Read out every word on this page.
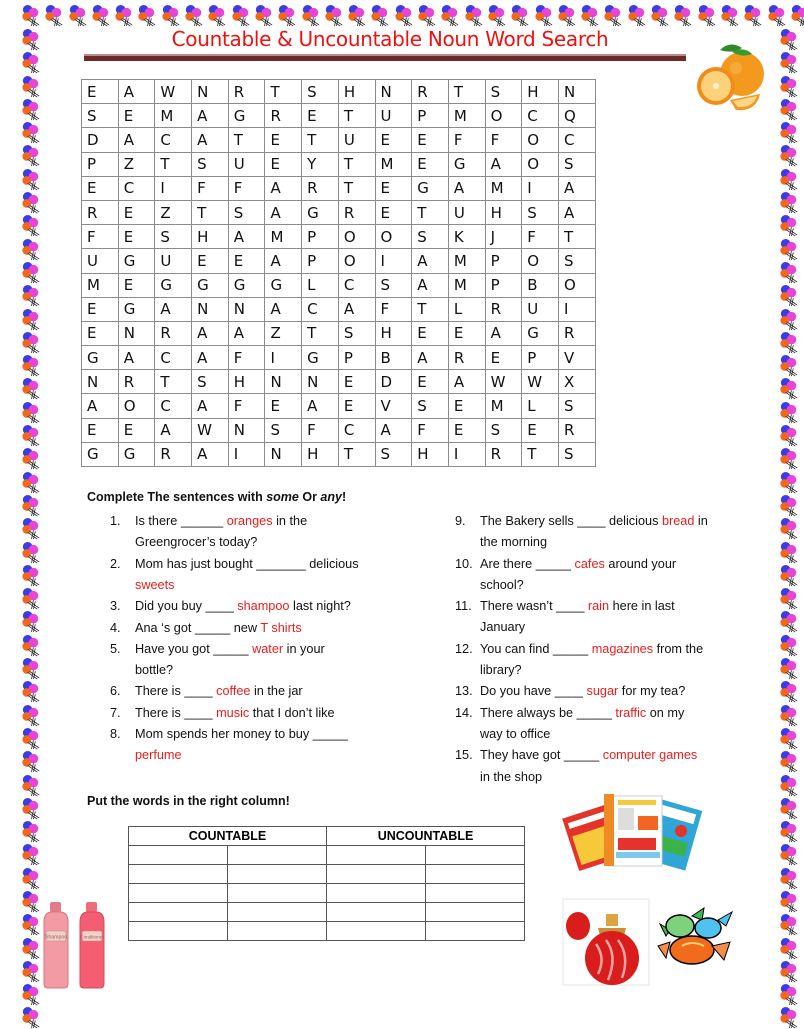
Countable & Uncountable Noun Word Search
E	A	W	N	R	T	S	H	N	R	T	S	H	N
S	E	M	A	G	R	E	T	U	P	M	O	C	Q
D	A	C	A	T	E	T	U	E	E	F	F	O	C
P	Z	T	S	U	E	Y	T	M	E	G	A	O	S
E	C	I	F	F	A	R	T	E	G	A	M	I	A
R	E	Z	T	S	A	G	R	E	T	U	H	S	A
F	E	S	H	A	M	P	O	O	S	K	J	F	T
U	G	U	E	E	A	P	O	I	A	M	P	O	S
M	E	G	G	G	G	L	C	S	A	M	P	B	O
E	G	A	N	N	A	C	A	F	T	L	R	U	I
E	N	R	A	A	Z	T	S	H	E	E	A	G	R
G	A	C	A	F	I	G	P	B	A	R	E	P	V
N	R	T	S	H	N	N	E	D	E	A	W	W	X
A	O	C	A	F	E	A	E	V	S	E	M	L	S
E	E	A	W	N	S	F	C	A	F	E	S	E	R
G	G	R	A	I	N	H	T	S	H	I	R	T	S
Complete The sentences with some Or any!
1. Is there ______ oranges in the
Greengrocer’s today?
2. Mom has just bought _______ delicious
sweets
3. Did you buy ____ shampoo last night?
4. Ana ‘s got _____ new T shirts
5. Have you got _____ water in your
bottle?
6. There is ____ coffee in the jar
7. There is ____ music that I don’t like
8. Mom spends her money to buy _____
perfume
9. The Bakery sells ____ delicious bread in
the morning
10. Are there _____ cafes around your
school?
11. There wasn’t ____ rain here in last
January
12. You can find _____ magazines from the
library?
13. Do you have ____ sugar for my tea?
14. There always be _____ traffic on my
way to office
15. They have got _____ computer games
in the shop
Put the words in the right column!
COUNTABLE		UNCOUNTABLE	

Shampoo	Conditioner
